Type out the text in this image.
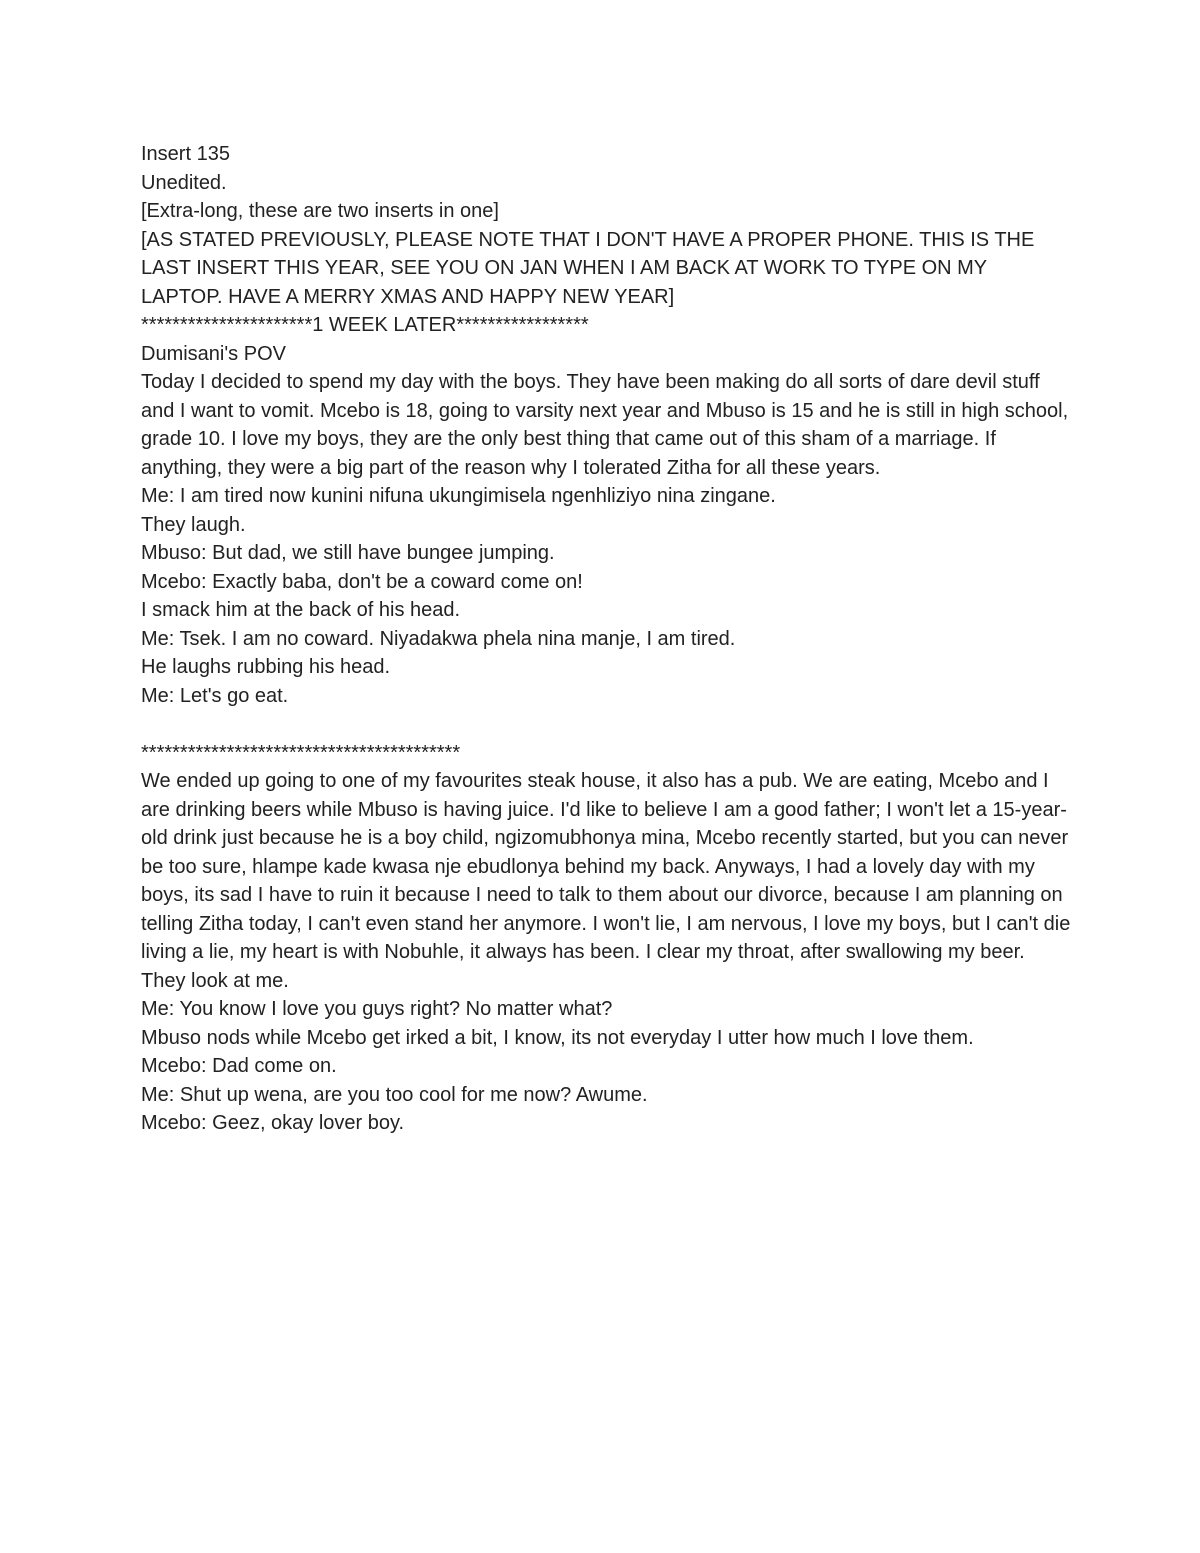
Insert 135

Unedited.

[Extra-long, these are two inserts in one]

[AS STATED PREVIOUSLY, PLEASE NOTE THAT I DON'T HAVE A PROPER PHONE. THIS IS THE LAST INSERT THIS YEAR, SEE YOU ON JAN WHEN I AM BACK AT WORK TO TYPE ON MY LAPTOP. HAVE A MERRY XMAS AND HAPPY NEW YEAR]

**********************1 WEEK LATER*****************

Dumisani's POV

Today I decided to spend my day with the boys. They have been making do all sorts of dare devil stuff and I want to vomit. Mcebo is 18, going to varsity next year and Mbuso is 15 and he is still in high school, grade 10. I love my boys, they are the only best thing that came out of this sham of a marriage. If anything, they were a big part of the reason why I tolerated Zitha for all these years.

Me: I am tired now kunini nifuna ukungimisela ngenhliziyo nina zingane.

They laugh.

Mbuso: But dad, we still have bungee jumping.

Mcebo: Exactly baba, don't be a coward come on!

I smack him at the back of his head.

Me: Tsek. I am no coward. Niyadakwa phela nina manje, I am tired.

He laughs rubbing his head.

Me: Let's go eat.

*****************************************

We ended up going to one of my favourites steak house, it also has a pub. We are eating, Mcebo and I are drinking beers while Mbuso is having juice. I'd like to believe I am a good father; I won't let a 15-year-old drink just because he is a boy child, ngizomubhonya mina, Mcebo recently started, but you can never be too sure, hlampe kade kwasa nje ebudlonya behind my back. Anyways, I had a lovely day with my boys, its sad I have to ruin it because I need to talk to them about our divorce, because I am planning on telling Zitha today, I can't even stand her anymore. I won't lie, I am nervous, I love my boys, but I can't die living a lie, my heart is with Nobuhle, it always has been. I clear my throat, after swallowing my beer. They look at me.

Me: You know I love you guys right? No matter what?

Mbuso nods while Mcebo get irked a bit, I know, its not everyday I utter how much I love them.

Mcebo: Dad come on.

Me: Shut up wena, are you too cool for me now? Awume.

Mcebo: Geez, okay lover boy.
